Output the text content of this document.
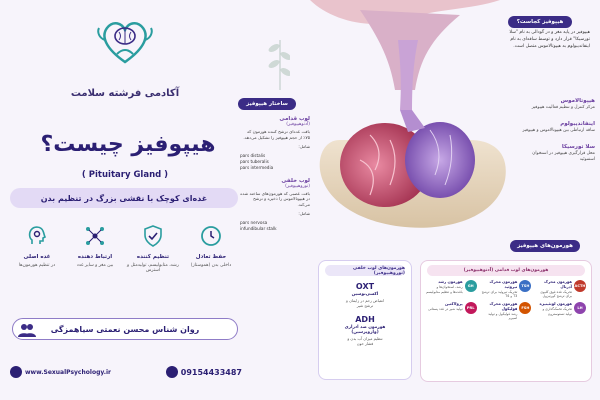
آکادمی فرشته سلامت
هیپوفیز چیست؟
( Pituitary Gland )
غده‌ای کوچک با نقشی بزرگ در تنظیم بدن
حفظ تعادل
داخلی بدن (هموستاز)
تنظیم کننده
رشد، متابولیسم، تولیدمثل و استرس
ارتباط دهنده
بین مغز و سایر غدد
غده اصلی
در تنظیم هورمون‌ها
روان شناس محسن نعمتی سیاهمزگی
09154433487
www.SexualPsychology.ir
هیپوفیز کجاست؟
هیپوفیز در پایه مغز و در گودالی به نام "سلا تورسیکا" قرار دارد و توسط ساقه‌ای به نام اینفاندیبولوم به هیپوتالاموس متصل است.
هیپوتالاموس
مرکز کنترل و تنظیم فعالیت هیپوفیز
اینفاندیبولوم
ساقه ارتباطی بین هیپوتالاموس و هیپوفیز
سلا تورسیکا
محل قرارگیری هیپوفیز در استخوان اسفنوئید
ساختار هیپوفیز
لوب قدامی
(آدنوهیپوفیز)
بافت غده‌ای ترشح کننده هورمون که ۷۵٪ از حجم هیپوفیز را تشکیل می‌دهد.
شامل:
pars distalis
pars tuberalis
pars intermedia
لوب خلفی
(نوروهیپوفیز)
بافت عصبی که هورمون‌های ساخته شده در هیپوتالاموس را ذخیره و ترشح می‌کند.
شامل:
pars nervosa
infundibular stalk
هورمون‌های هیپوفیز
هورمون‌های لوب خلفی (نوروهیپوفیز)
OXT
اکسی‌توسین
انقباض رحم در زایمان و ترشح شیر
ADH
هورمون ضد ادراری (وازوپرسین)
تنظیم میزان آب بدن و فشار خون
هورمون‌های لوب قدامی (آدنوهیپوفیز)
ACTH
هورمون محرک آدرنال
تحریک غده فوق کلیوی برای ترشح کورتیزول
TSH
هورمون محرک تیروئید
تحریک تیروئید برای ترشح T3 و T4
GH
هورمون رشد
رشد، استخوان‌ها و بافت‌ها و تنظیم متابولیسم
LH
هورمون لوتئینیزه
تحریک تخمک‌گذاری و تولید تستوسترون
FSH
هورمون محرک فولیکول
رشد فولیکول و تولید اسپرم
PRL
پرولاکتین
تولید شیر در غدد پستانی
